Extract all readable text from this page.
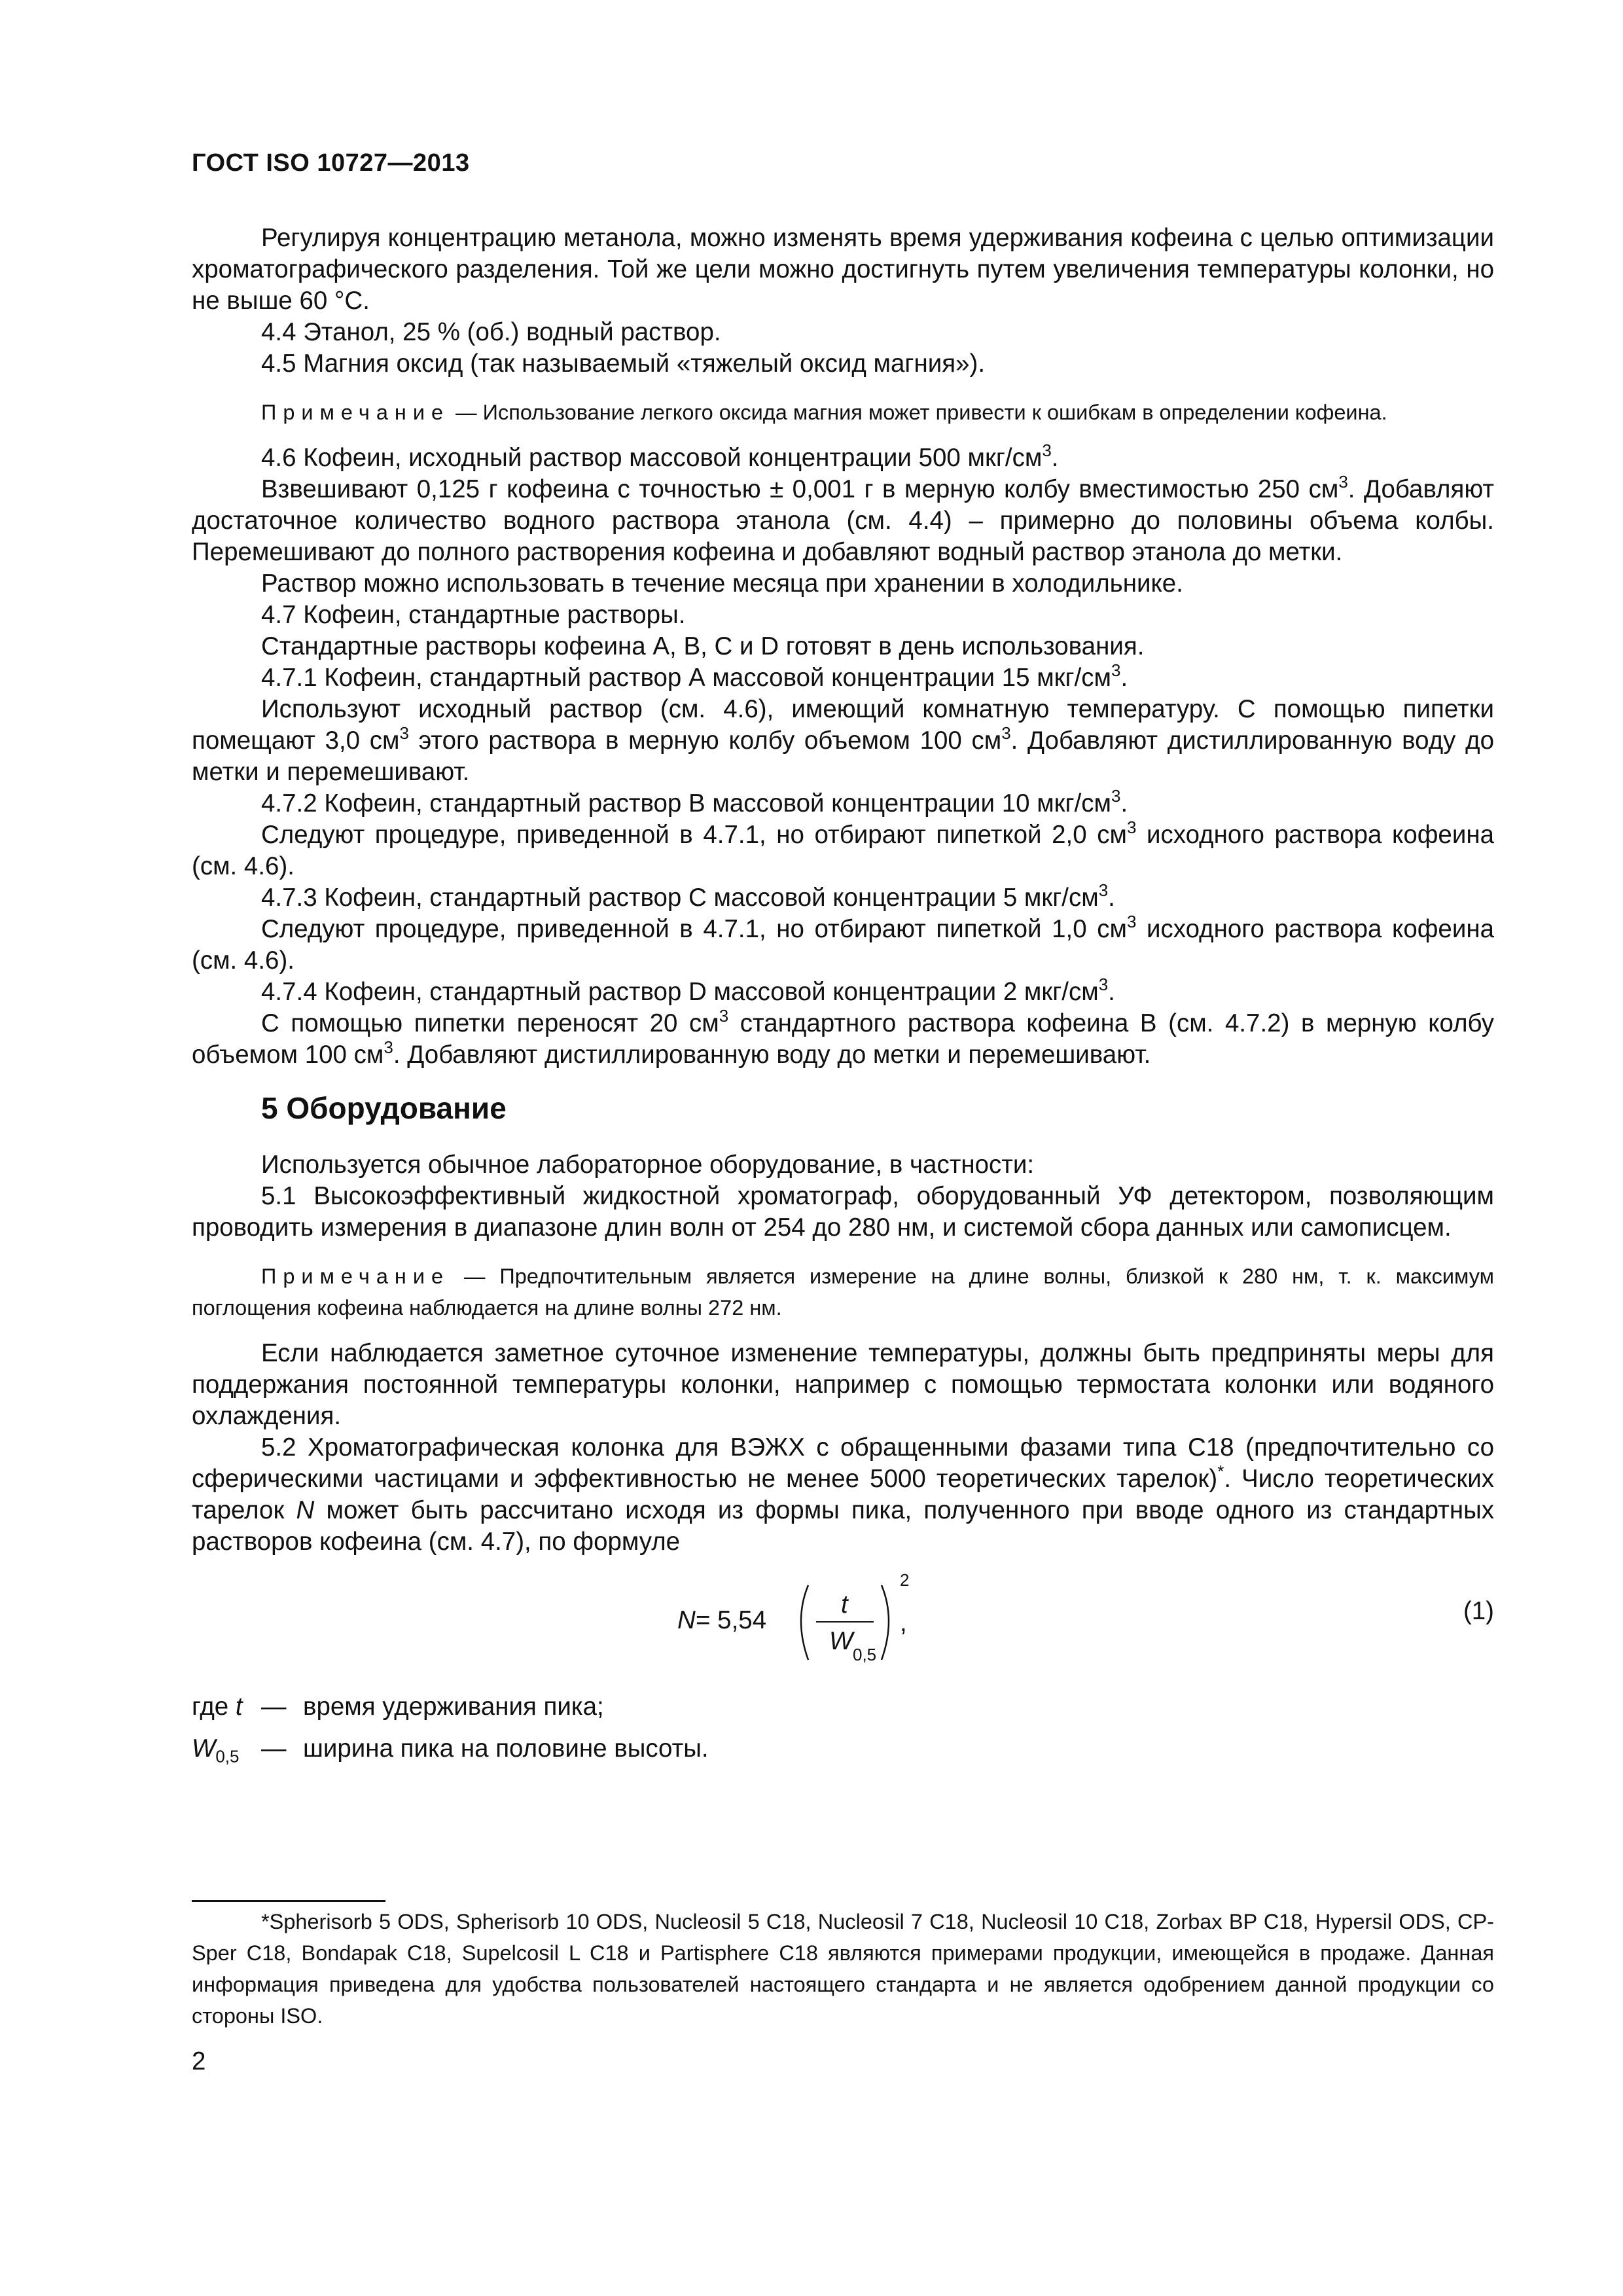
ГОСТ ISO 10727—2013

Регулируя концентрацию метанола, можно изменять время удерживания кофеина с целью оптимизации хроматографического разделения. Той же цели можно достигнуть путем увеличения температуры колонки, но не выше 60 °С.

4.4 Этанол, 25 % (об.) водный раствор.

4.5 Магния оксид (так называемый «тяжелый оксид магния»).

Примечание — Использование легкого оксида магния может привести к ошибкам в определении кофеина.

4.6 Кофеин, исходный раствор массовой концентрации 500 мкг/$см^3$.

Взвешивают 0,125 г кофеина с точностью ± 0,001 г в мерную колбу вместимостью 250 $см^3$. Добавляют достаточное количество водного раствора этанола (см. 4.4) – примерно до половины объема колбы. Перемешивают до полного растворения кофеина и добавляют водный раствор этанола до метки.

Раствор можно использовать в течение месяца при хранении в холодильнике.

4.7 Кофеин, стандартные растворы.

Стандартные растворы кофеина А, В, С и D готовят в день использования.

4.7.1 Кофеин, стандартный раствор А массовой концентрации 15 мкг/$см^3$.

Используют исходный раствор (см. 4.6), имеющий комнатную температуру. С помощью пипетки помещают 3,0 $см^3$ этого раствора в мерную колбу объемом 100 $см^3$. Добавляют дистиллированную воду до метки и перемешивают.

4.7.2 Кофеин, стандартный раствор В массовой концентрации 10 мкг/$см^3$.

Следуют процедуре, приведенной в 4.7.1, но отбирают пипеткой 2,0 $см^3$ исходного раствора кофеина (см. 4.6).

4.7.3 Кофеин, стандартный раствор С массовой концентрации 5 мкг/$см^3$.

Следуют процедуре, приведенной в 4.7.1, но отбирают пипеткой 1,0 $см^3$ исходного раствора кофеина (см. 4.6).

4.7.4 Кофеин, стандартный раствор D массовой концентрации 2 мкг/$см^3$.

С помощью пипетки переносят 20 $см^3$ стандартного раствора кофеина В (см. 4.7.2) в мерную колбу объемом 100 $см^3$. Добавляют дистиллированную воду до метки и перемешивают.

5 Оборудование

Используется обычное лабораторное оборудование, в частности:

5.1 Высокоэффективный жидкостной хроматограф, оборудованный УФ детектором, позволяющим проводить измерения в диапазоне длин волн от 254 до 280 нм, и системой сбора данных или самописцем.

Примечание — Предпочтительным является измерение на длине волны, близкой к 280 нм, т. к. максимум поглощения кофеина наблюдается на длине волны 272 нм.

Если наблюдается заметное суточное изменение температуры, должны быть предприняты меры для поддержания постоянной температуры колонки, например с помощью термостата колонки или водяного охлаждения.

5.2 Хроматографическая колонка для ВЭЖХ с обращенными фазами типа С18 (предпочтительно со сферическими частицами и эффективностью не менее 5000 теоретических тарелок)*. Число теоретических тарелок N может быть рассчитано исходя из формы пика, полученного при вводе одного из стандартных растворов кофеина (см. 4.7), по формуле

N = 5,54
t
W 0,5
2
,	(1)
где t — время удерживания пика;
$W_{0,5}$ — ширина пика на половине высоты.

*Spherisorb 5 ODS, Spherisorb 10 ODS, Nucleosil 5 C18, Nucleosil 7 C18, Nucleosil 10 C18, Zorbax BP C18, Hypersil ODS, CP-Sper C18, Bondapak C18, Supelcosil L C18 и Partisphere C18 являются примерами продукции, имеющейся в продаже. Данная информация приведена для удобства пользователей настоящего стандарта и не является одобрением данной продукции со стороны ISO.

2
